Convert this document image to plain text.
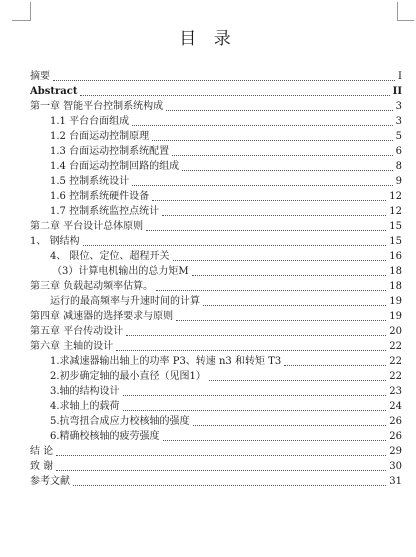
目 录
摘要	I
Abstract	II
第一章 智能平台控制系统构成	3
1.1 平台台面组成	3
1.2 台面运动控制原理	5
1.3 台面运动控制系统配置	6
1.4 台面运动控制回路的组成	8
1.5 控制系统设计	9
1.6 控制系统硬件设备	12
1.7 控制系统监控点统计	12
第二章 平台设计总体原则	15
1、 钢结构	15
4、 限位、定位、超程开关	16
（3）计算电机输出的总力矩M	18
第三章 负载起动频率估算。	18
运行的最高频率与升速时间的计算	19
第四章 减速器的选择要求与原则	19
第五章 平台传动设计	20
第六章 主轴的设计	22
1.求减速器输出轴上的功率 P3、转速 n3 和转矩 T3	22
2.初步确定轴的最小直径（见图1）	22
3.轴的结构设计	23
4.求轴上的载荷	24
5.抗弯扭合成应力校核轴的强度	26
6.精确校核轴的疲劳强度	26
结 论	29
致 谢	30
参考文献	31
